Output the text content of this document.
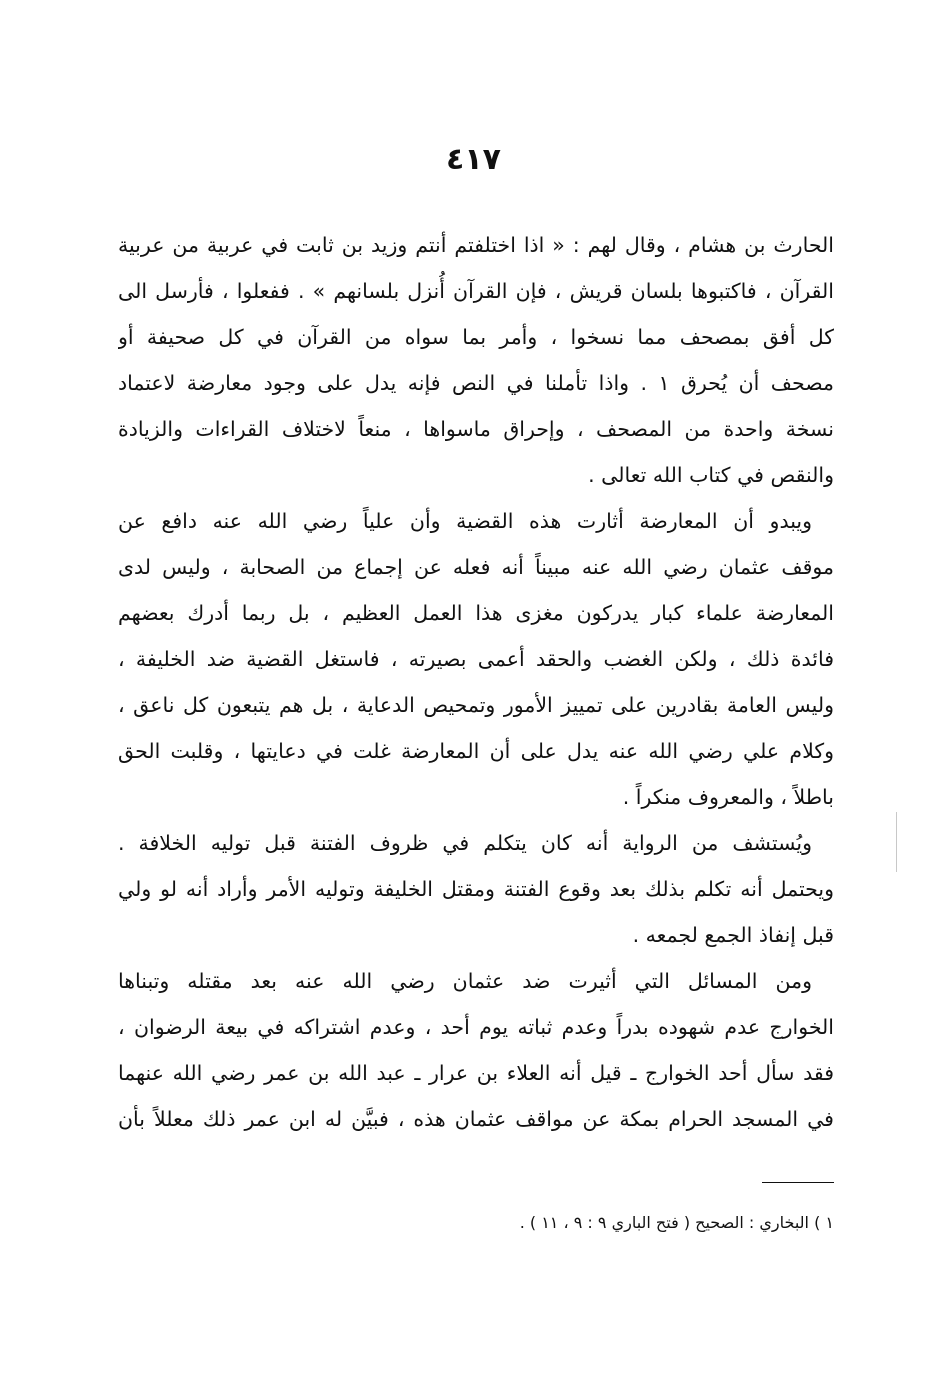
٤١٧
الحارث بن هشام ، وقال لهم : « اذا اختلفتم أنتم وزيد بن ثابت في عربية من عربية
القرآن ، فاكتبوها بلسان قريش ، فإن القرآن أُنزل بلسانهم » . ففعلوا ، فأرسل الى
كل أفق بمصحف مما نسخوا ، وأمر بما سواه من القرآن في كل صحيفة أو
مصحف أن يُحرق ١ . واذا تأملنا في النص فإنه يدل على وجود معارضة لاعتماد
نسخة واحدة من المصحف ، وإحراق ماسواها ، منعاً لاختلاف القراءات والزيادة
والنقص في كتاب الله تعالى .
ويبدو أن المعارضة أثارت هذه القضية وأن علياً رضي الله عنه دافع عن
موقف عثمان رضي الله عنه مبيناً أنه فعله عن إجماع من الصحابة ، وليس لدى
المعارضة علماء كبار يدركون مغزى هذا العمل العظيم ، بل ربما أدرك بعضهم
فائدة ذلك ، ولكن الغضب والحقد أعمى بصيرته ، فاستغل القضية ضد الخليفة ،
وليس العامة بقادرين على تمييز الأمور وتمحيص الدعاية ، بل هم يتبعون كل ناعق ،
وكلام علي رضي الله عنه يدل على أن المعارضة غلت في دعايتها ، وقلبت الحق
باطلاً ، والمعروف منكراً .
ويُستشف من الرواية أنه كان يتكلم في ظروف الفتنة قبل توليه الخلافة .
ويحتمل أنه تكلم بذلك بعد وقوع الفتنة ومقتل الخليفة وتوليه الأمر وأراد أنه لو ولي
قبل إنفاذ الجمع لجمعه .
ومن المسائل التي أثيرت ضد عثمان رضي الله عنه بعد مقتله وتبناها
الخوارج عدم شهوده بدراً وعدم ثباته يوم أحد ، وعدم اشتراكه في بيعة الرضوان ،
فقد سأل أحد الخوارج ـ قيل أنه العلاء بن عرار ـ عبد الله بن عمر رضي الله عنهما
في المسجد الحرام بمكة عن مواقف عثمان هذه ، فبيَّن له ابن عمر ذلك معللاً بأن
١ ) البخاري : الصحيح ( فتح الباري ٩ : ٩ ، ١١ ) .
